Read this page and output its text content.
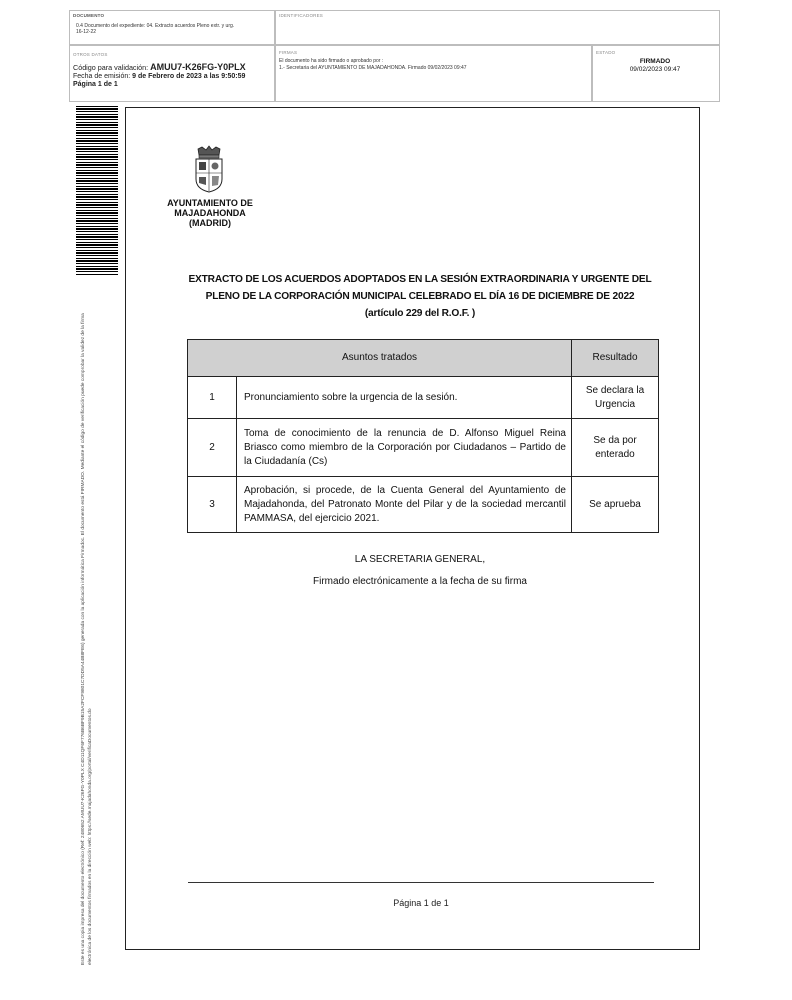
DOCUMENTO
0.4 Documento del expediente: 04. Extracto acuerdos Pleno extr. y urg. 16-12-22
IDENTIFICADORES
OTROS DATOS
Código para validación: AMUU7-K26FG-Y0PLX
Fecha de emisión: 9 de Febrero de 2023 a las 9:50:59
Página 1 de 1
FIRMAS
El documento ha sido firmado o aprobado por :
1.- Secretaria del AYUNTAMIENTO DE MAJADAHONDA. Firmado 09/02/2023 09:47
ESTADO
FIRMADO
09/02/2023 09:47
Este es una copia impresa del documento electrónico (Ref: 2480652 AMUU7-K26FG-Y0PLX C4D11QF6F776B6BF9B15A2FCF9801C7DD5A44B8FE6) generada con la aplicación informática Firmadoc. El documento está FIRMADO. Mediante el código de verificación puede comprobar la validez de la firma electrónica de los documentos firmados en la dirección web: https://sede.majadahonda.org/portal/verificaDocumentos.do
AYUNTAMIENTO DE
MAJADAHONDA
(MADRID)
EXTRACTO DE LOS ACUERDOS ADOPTADOS EN LA SESIÓN EXTRAORDINARIA Y URGENTE DEL
PLENO DE LA CORPORACIÓN MUNICIPAL CELEBRADO EL DÍA 16 DE DICIEMBRE DE 2022
(artículo 229 del R.O.F. )
Asuntos tratados		Resultado
1	Pronunciamiento sobre la urgencia de la sesión.	Se declara la Urgencia
2	Toma de conocimiento de la renuncia de D. Alfonso Miguel Reina Briasco como miembro de la Corporación por Ciudadanos – Partido de la Ciudadanía (Cs)	Se da por enterado
3	Aprobación, si procede, de la Cuenta General del Ayuntamiento de Majadahonda, del Patronato Monte del Pilar y de la sociedad mercantil PAMMASA, del ejercicio 2021.	Se aprueba
LA SECRETARIA GENERAL,
Firmado electrónicamente a la fecha de su firma
Página 1 de 1
